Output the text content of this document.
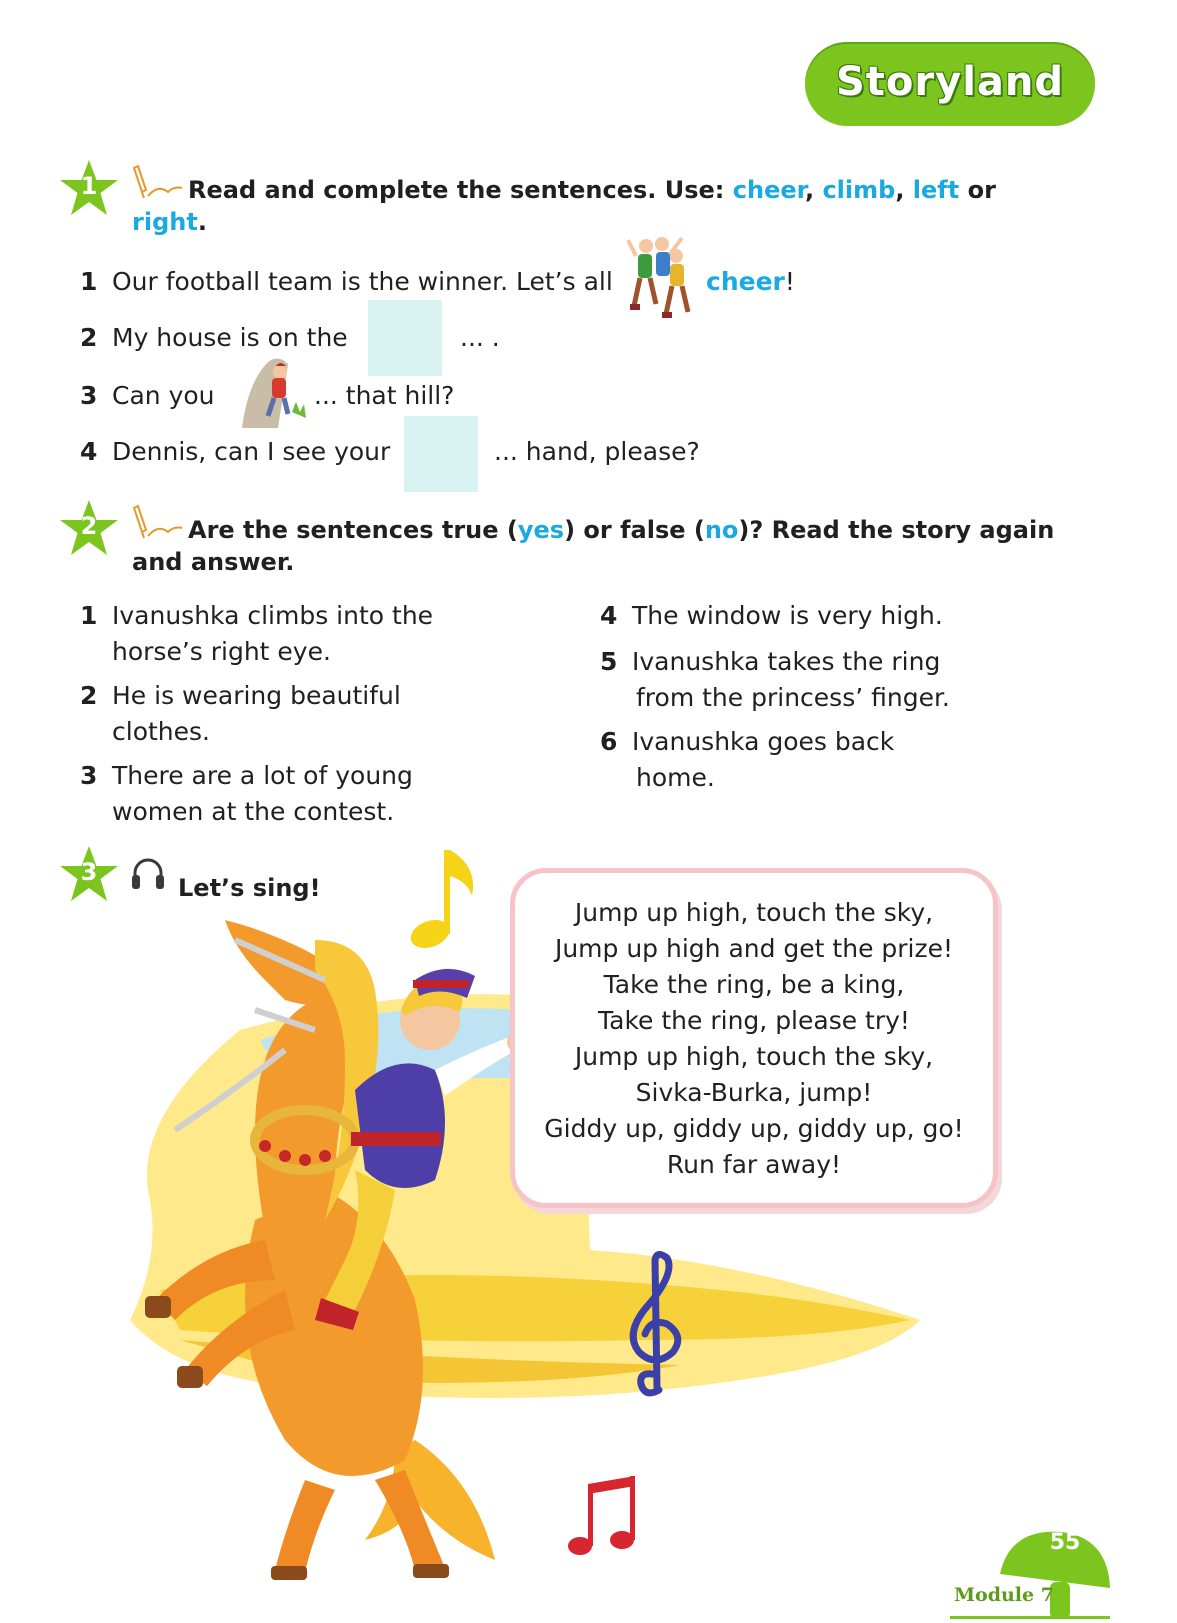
Storyland
1	Read and complete the sentences. Use: cheer, climb, left or
right.
1 Our football team is the winner. Let’s all	cheer!
2 My house is on the	... .
3 Can you	... that hill?
4 Dennis, can I see your	... hand, please?
2	Are the sentences true (yes) or false (no)? Read the story again
and answer.
1 Ivanushka climbs into the
horse’s right eye.
2 He is wearing beautiful
clothes.
3 There are a lot of young
women at the contest.
4 The window is very high.
5 Ivanushka takes the ring
from the princess’ finger.
6 Ivanushka goes back
home.
3
Let’s sing!
Jump up high, touch the sky,
Jump up high and get the prize!
Take the ring, be a king,
Take the ring, please try!
Jump up high, touch the sky,
Sivka-Burka, jump!
Giddy up, giddy up, giddy up, go!
Run far away!
55
Module 7
